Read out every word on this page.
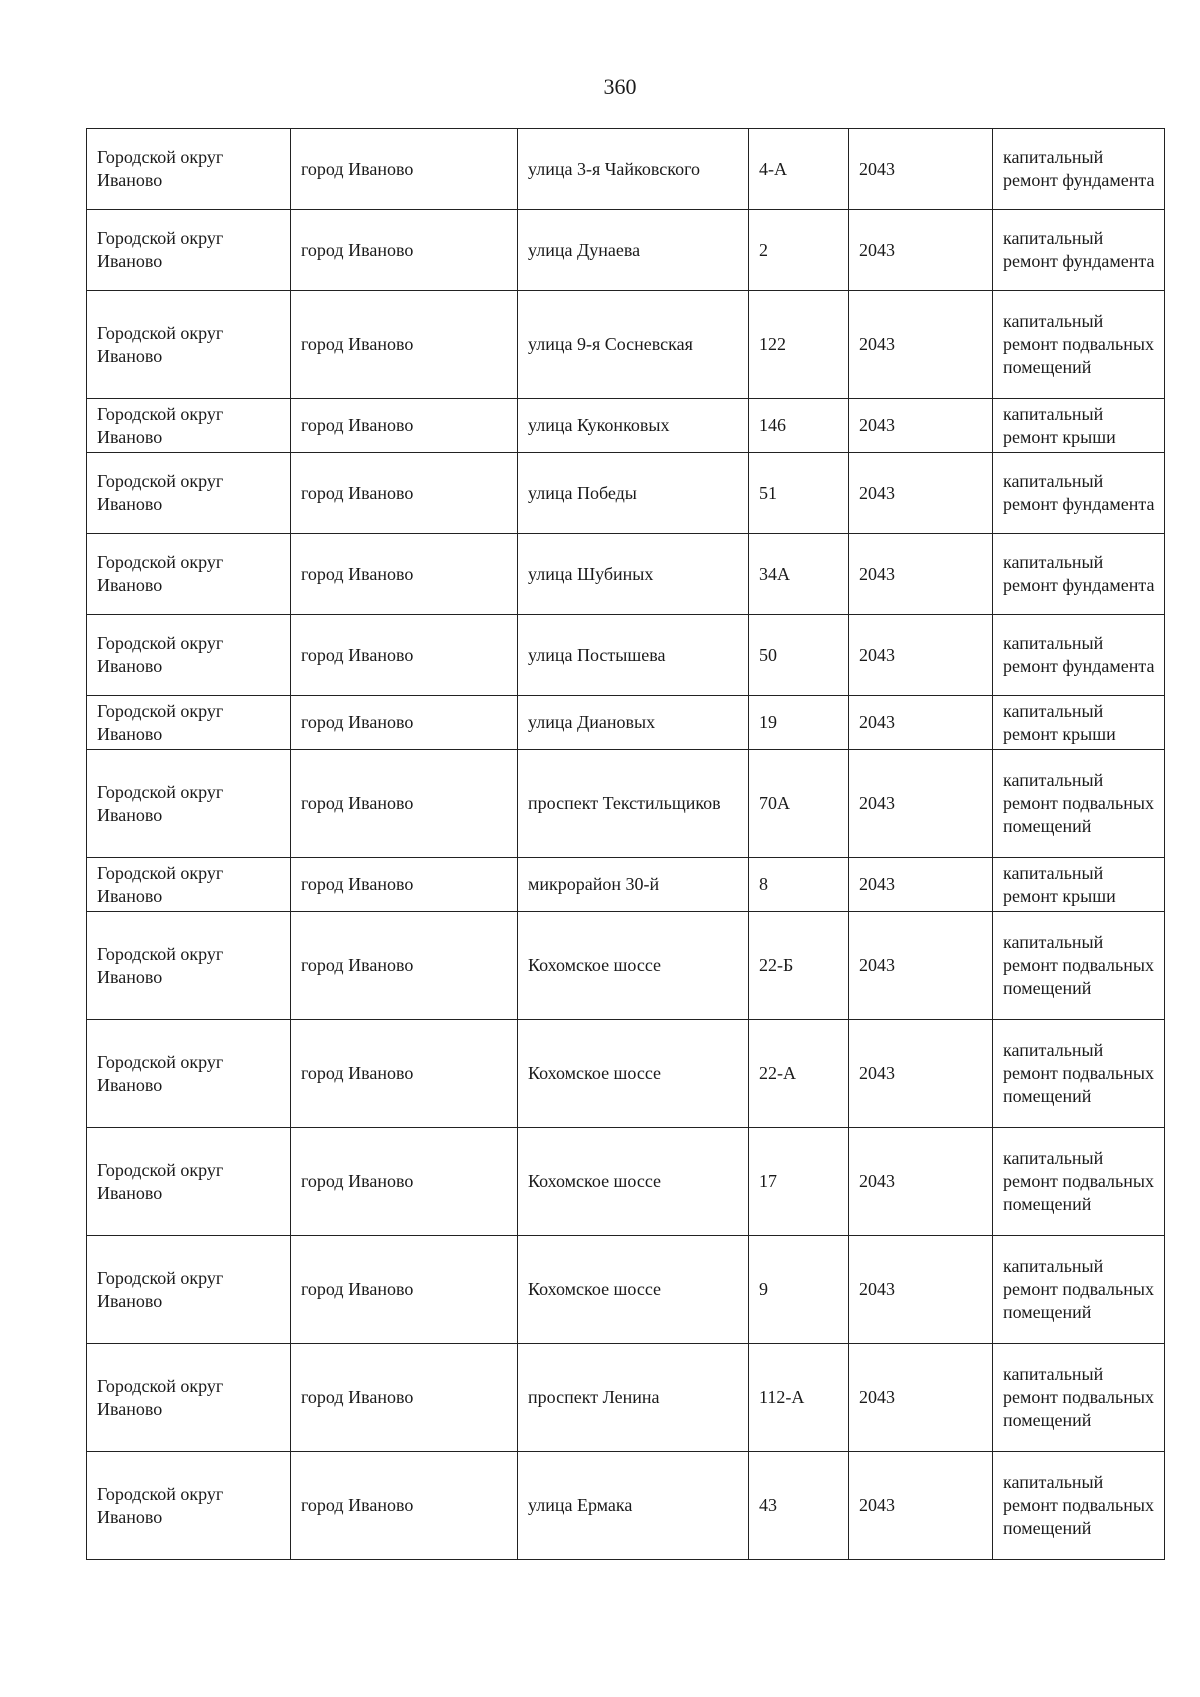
360
Городской округ Иваново	город Иваново	улица 3-я Чайковского	4-А	2043	капитальный ремонт фундамента
Городской округ Иваново	город Иваново	улица Дунаева	2	2043	капитальный ремонт фундамента
Городской округ Иваново	город Иваново	улица 9-я Сосневская	122	2043	капитальный ремонт подвальных помещений
Городской округ Иваново	город Иваново	улица Куконковых	146	2043	капитальный ремонт крыши
Городской округ Иваново	город Иваново	улица Победы	51	2043	капитальный ремонт фундамента
Городской округ Иваново	город Иваново	улица Шубиных	34А	2043	капитальный ремонт фундамента
Городской округ Иваново	город Иваново	улица Постышева	50	2043	капитальный ремонт фундамента
Городской округ Иваново	город Иваново	улица Диановых	19	2043	капитальный ремонт крыши
Городской округ Иваново	город Иваново	проспект Текстильщиков	70А	2043	капитальный ремонт подвальных помещений
Городской округ Иваново	город Иваново	микрорайон 30-й	8	2043	капитальный ремонт крыши
Городской округ Иваново	город Иваново	Кохомское шоссе	22-Б	2043	капитальный ремонт подвальных помещений
Городской округ Иваново	город Иваново	Кохомское шоссе	22-А	2043	капитальный ремонт подвальных помещений
Городской округ Иваново	город Иваново	Кохомское шоссе	17	2043	капитальный ремонт подвальных помещений
Городской округ Иваново	город Иваново	Кохомское шоссе	9	2043	капитальный ремонт подвальных помещений
Городской округ Иваново	город Иваново	проспект Ленина	112-А	2043	капитальный ремонт подвальных помещений
Городской округ Иваново	город Иваново	улица Ермака	43	2043	капитальный ремонт подвальных помещений
